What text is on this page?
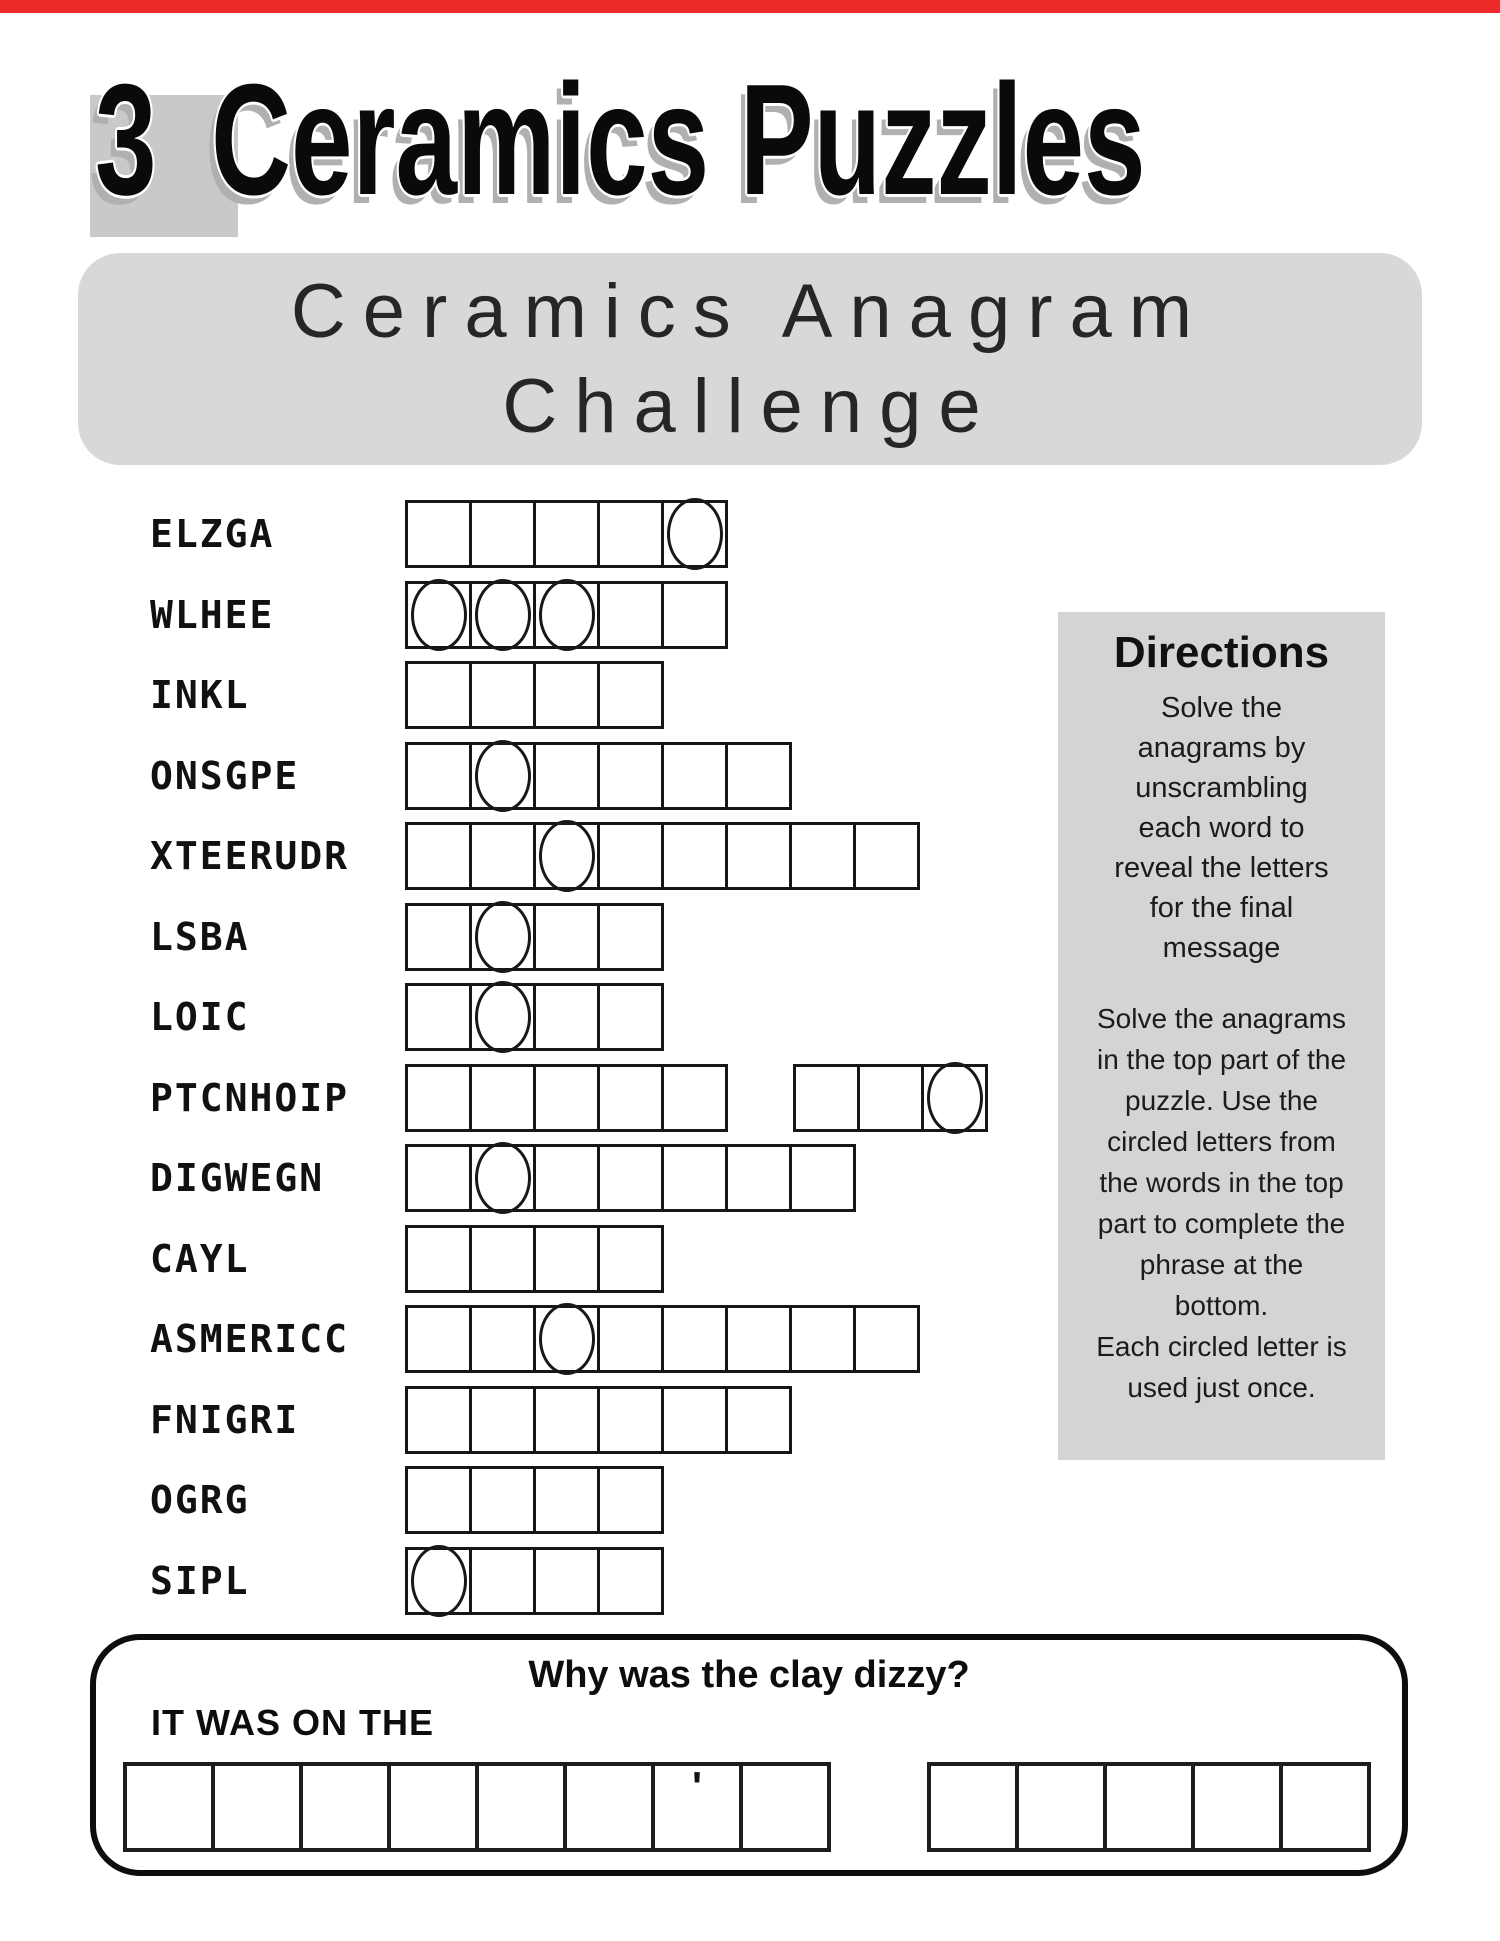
3 Ceramics Puzzles
Ceramics Anagram
Challenge
ELZGA
WLHEE
INKL
ONSGPE
XTEERUDR
LSBA
LOIC
PTCNHOIP
DIGWEGN
CAYL
ASMERICC
FNIGRI
OGRG
SIPL
Directions
Solve the
anagrams by
unscrambling
each word to
reveal the letters
for the final
message
Solve the anagrams
in the top part of the
puzzle. Use the
circled letters from
the words in the top
part to complete the
phrase at the
bottom.
Each circled letter is
used just once.

Why was the clay dizzy?

IT WAS ON THE
'
